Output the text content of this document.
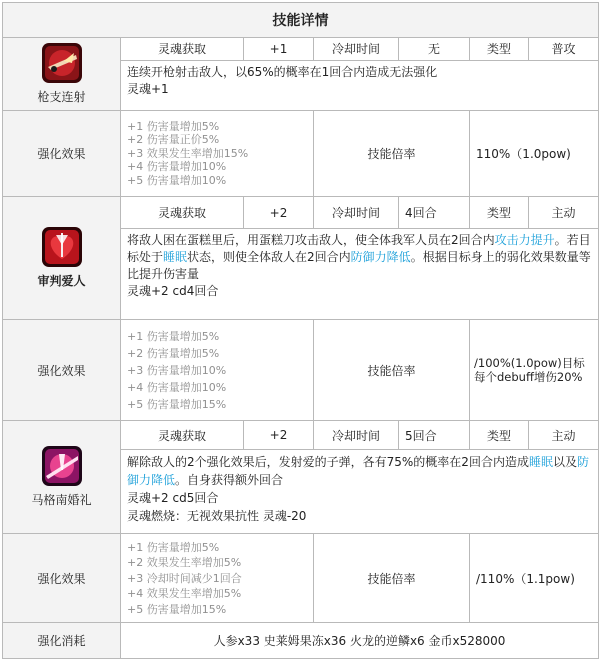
技能详情						

枪支连射	灵魂获取	+1	冷却时间	无	类型	普攻

	连续开枪射击敌人，以65%的概率在1回合内造成无法强化
灵魂+1					

强化效果	+1 伤害量增加5%
+2 伤害量正价5%
+3 效果发生率增加15%
+4 伤害量增加10%
+5 伤害量增加10%		技能倍率		110%（1.0pow)	

审判爱人	灵魂获取	+2	冷却时间	4回合	类型	主动
	将敌人困在蛋糕里后，用蛋糕刀攻击敌人，使全体我军人员在2回合内攻击力提升。若目标处于睡眠状态，则使全体敌人在2回合内防御力降低。根据目标身上的弱化效果数量等比提升伤害量
灵魂+2 cd4回合					

强化效果	+1 伤害量增加5%
+2 伤害量增加5%
+3 伤害量增加10%
+4 伤害量增加10%
+5 伤害量增加15%		技能倍率		/100%(1.0pow)目标每个debuff增伤20%	

马格南婚礼	灵魂获取	+2	冷却时间	5回合	类型	主动
	解除敌人的2个强化效果后，发射爱的子弹，各有75%的概率在2回合内造成睡眠以及防御力降低。自身获得额外回合
灵魂+2 cd5回合
灵魂燃烧：无视效果抗性 灵魂-20					

强化效果	+1 伤害量增加5%
+2 效果发生率增加5%
+3 冷却时间减少1回合
+4 效果发生率增加5%
+5 伤害量增加15%		技能倍率		/110%（1.1pow)	
强化消耗	人参x33 史莱姆果冻x36 火龙的逆鳞x6 金币x528000					
